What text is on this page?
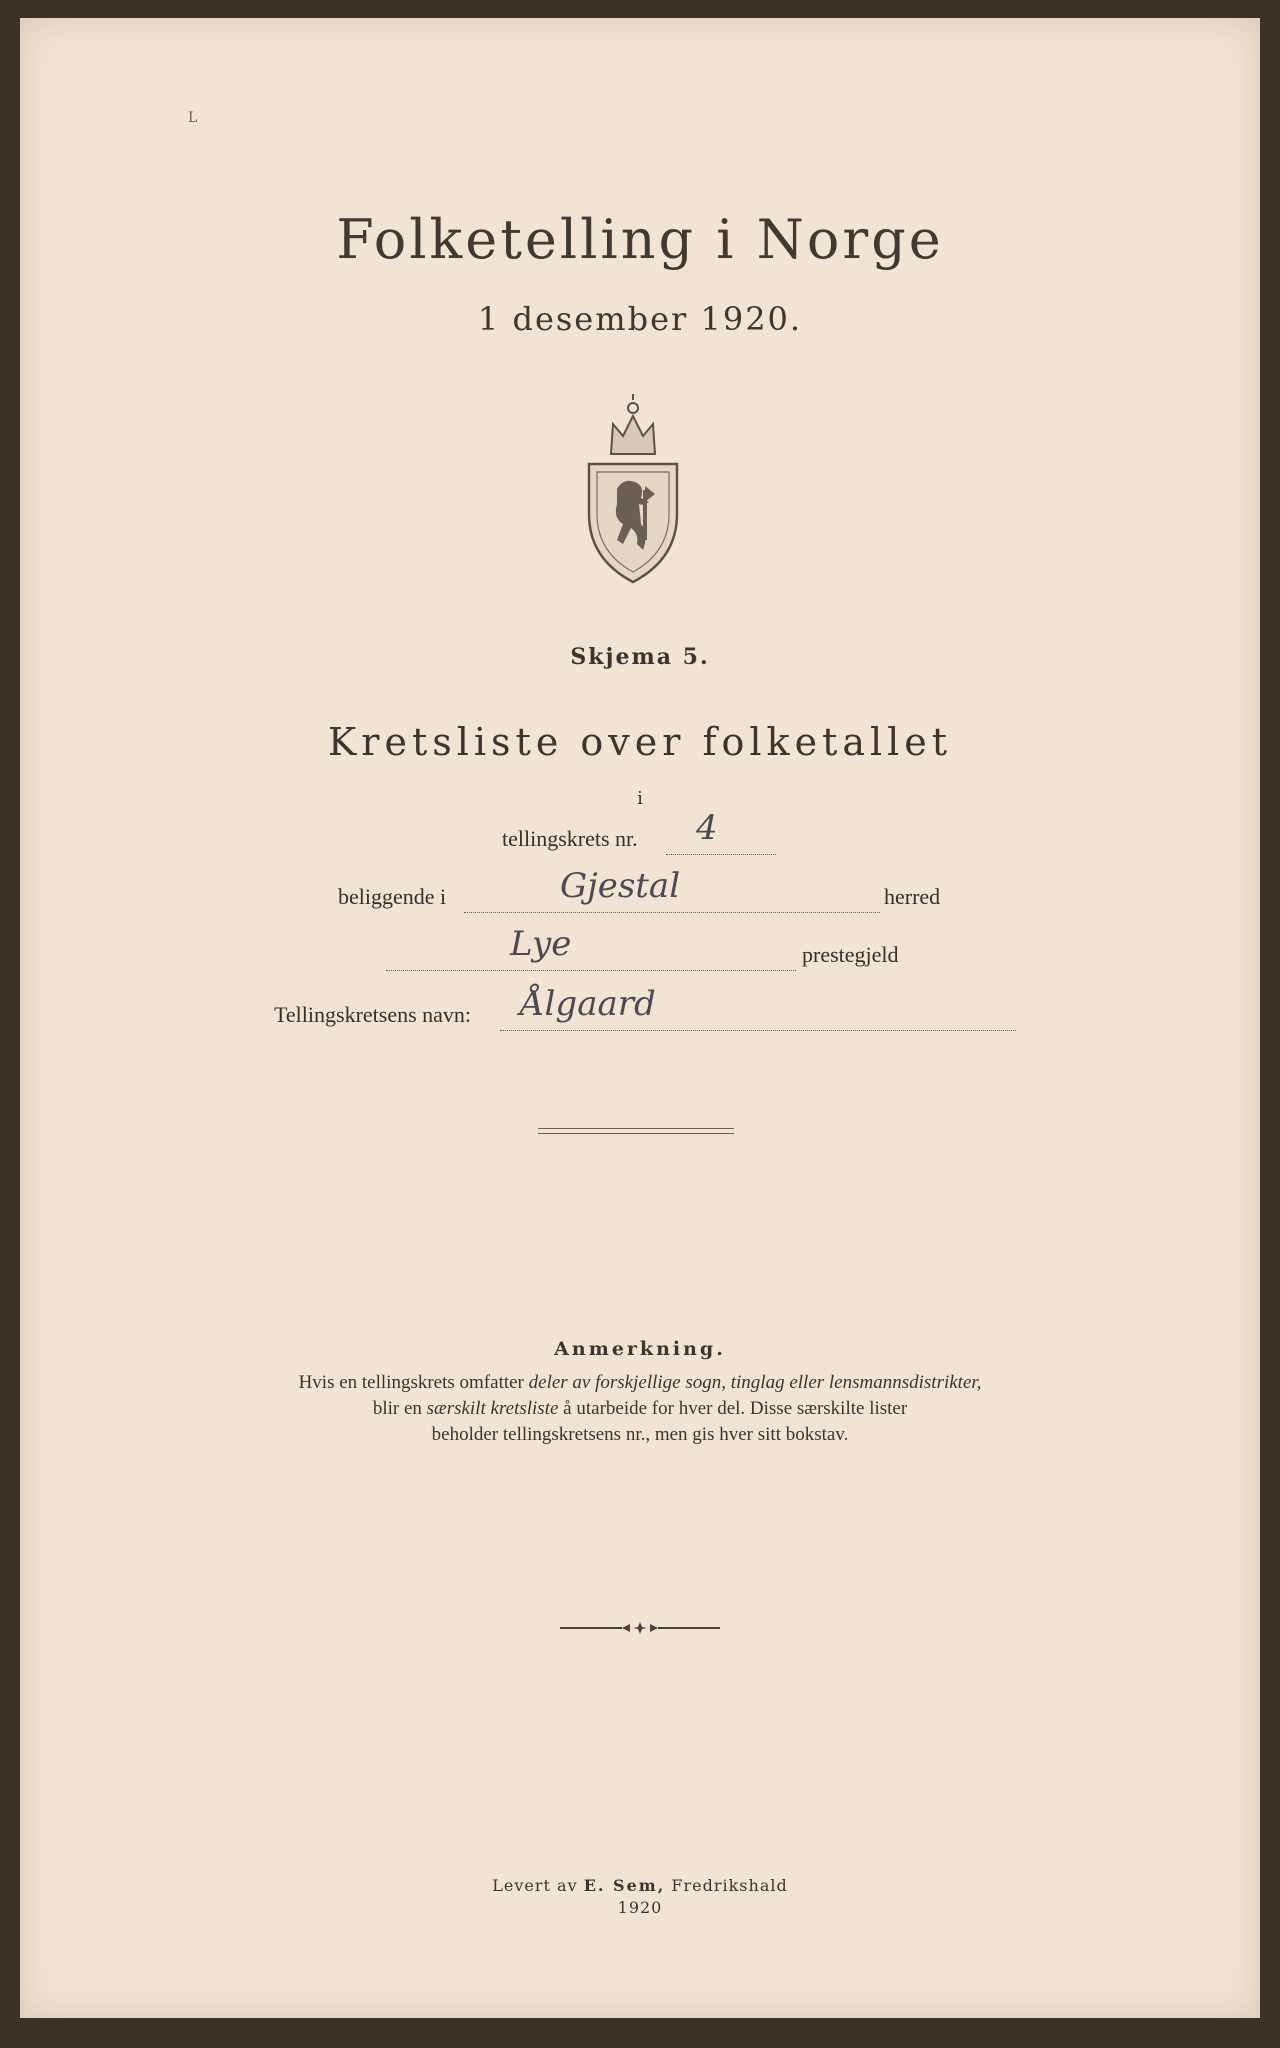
L
Folketelling i Norge
1 desember 1920.
Skjema 5.
Kretsliste over folketallet
i
tellingskrets nr. 4
beliggende i	Gjestal	herred
Lye	prestegjeld
Tellingskretsens navn: Ålgaard
Anmerkning.
Hvis en tellingskrets omfatter deler av forskjellige sogn, tinglag eller lensmannsdistrikter,
blir en særskilt kretsliste å utarbeide for hver del. Disse særskilte lister
beholder tellingskretsens nr., men gis hver sitt bokstav.
Levert av E. Sem, Fredrikshald
1920
